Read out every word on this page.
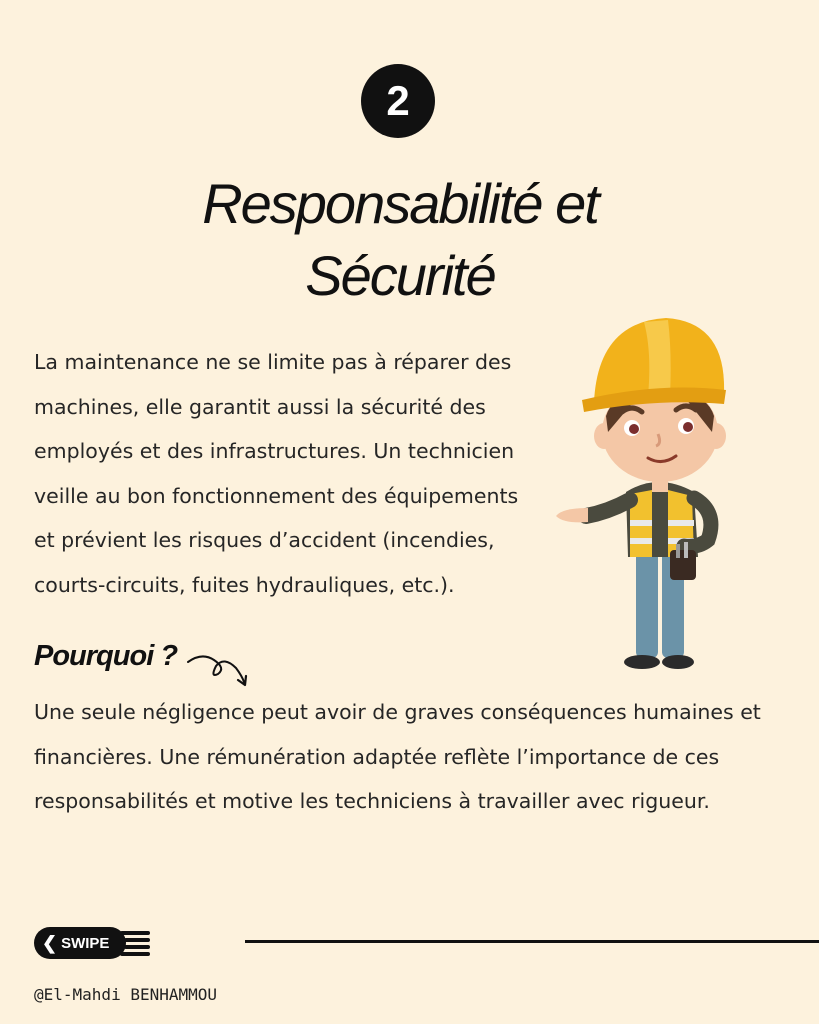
2
Responsabilité et
Sécurité
La maintenance ne se limite pas à réparer des
machines, elle garantit aussi la sécurité des
employés et des infrastructures. Un technicien
veille au bon fonctionnement des équipements
et prévient les risques d’accident (incendies,
courts-circuits, fuites hydrauliques, etc.).
Pourquoi ?
Une seule négligence peut avoir de graves conséquences humaines et
financières. Une rémunération adaptée reflète l’importance de ces
responsabilités et motive les techniciens à travailler avec rigueur.
❮ SWIPE
@El-Mahdi BENHAMMOU
